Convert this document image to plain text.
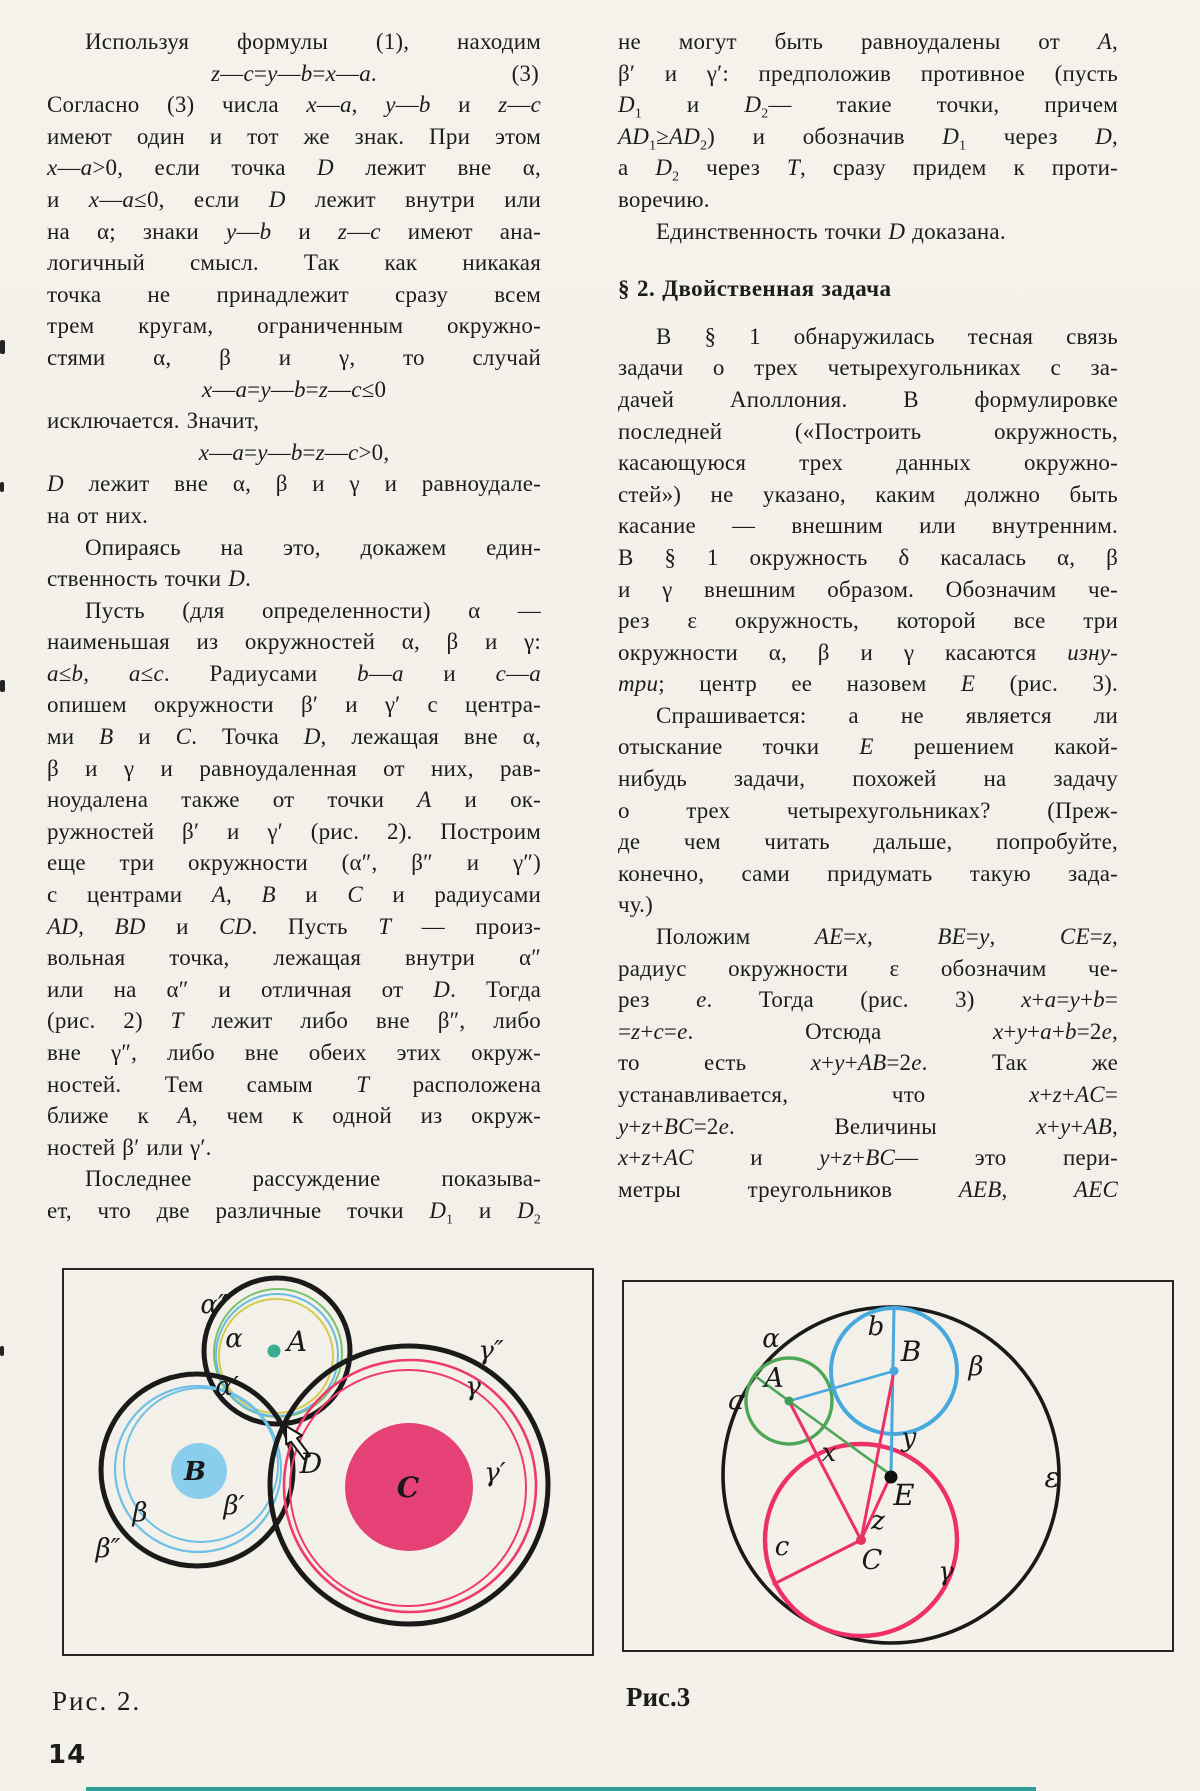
Используя формулы (1), находим
z—c=y—b=x—a.	(3)
Согласно (3) числа x—a, y—b и z—c
имеют один и тот же знак. При этом
x—a>0, если точка D лежит вне α,
и x—a≤0, если D лежит внутри или
на α; знаки y—b и z—c имеют ана-
логичный смысл. Так как никакая
точка не принадлежит сразу всем
трем кругам, ограниченным окружно-
стями α, β и γ, то случай
x—a=y—b=z—c≤0
исключается. Значит,
x—a=y—b=z—c>0,
D лежит вне α, β и γ и равноудале-
на от них.
Опираясь на это, докажем един-
ственность точки D.
Пусть (для определенности) α —
наименьшая из окружностей α, β и γ:
a≤b, a≤c. Радиусами b—a и c—a
опишем окружности β′ и γ′ с центра-
ми B и C. Точка D, лежащая вне α,
β и γ и равноудаленная от них, рав-
ноудалена также от точки A и ок-
ружностей β′ и γ′ (рис. 2). Построим
еще три окружности (α″, β″ и γ″)
с центрами A, B и C и радиусами
AD, BD и CD. Пусть T — произ-
вольная точка, лежащая внутри α″
или на α″ и отличная от D. Тогда
(рис. 2) T лежит либо вне β″, либо
вне γ″, либо вне обеих этих окруж-
ностей. Тем самым T расположена
ближе к A, чем к одной из окруж-
ностей β′ или γ′.
Последнее рассуждение показыва-
ет, что две различные точки $D_1$ и $D_2$
не могут быть равноудалены от A,
β′ и γ′: предположив противное (пусть
$D_1$ и $D_2—$ такие точки, причем
$AD_1\ge AD_2$) и обозначив $D_1$ через D,
а $D_2$ через T, сразу придем к проти-
воречию.
Единственность точки D доказана.
§ 2. Двойственная задача
В § 1 обнаружилась тесная связь
задачи о трех четырехугольниках с за-
дачей Аполлония. В формулировке
последней («Построить окружность,
касающуюся трех данных окружно-
стей») не указано, каким должно быть
касание — внешним или внутренним.
В § 1 окружность δ касалась α, β
и γ внешним образом. Обозначим че-
рез ε окружность, которой все три
окружности α, β и γ касаются изну-
три; центр ее назовем E (рис. 3).
Спрашивается: а не является ли
отыскание точки E решением какой-
нибудь задачи, похожей на задачу
о трех четырехугольниках? (Преж-
де чем читать дальше, попробуйте,
конечно, сами придумать такую зада-
чу.)
Положим AE=x, BE=y, CE=z,
радиус окружности ε обозначим че-
рез e. Тогда (рис. 3) x+a=y+b=
=z+c=e. Отсюда x+y+a+b=2e,
то есть x+y+AB=2e. Так же
устанавливается, что x+z+AC=
y+z+BC=2e. Величины x+y+AB,
x+z+AC и y+z+BC— это пери-
метры треугольников AEB, AEC
α″
α
α′
A
B
β	β′
β″
γ″
γ
γ′
C
D
α	b
B β
A
a
y
x
E
z
C
c
γ
ε
Рис. 2.	Рис.3
14
